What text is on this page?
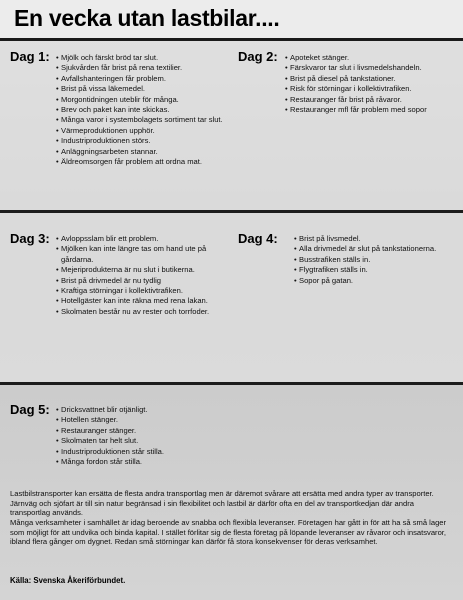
En vecka utan lastbilar....
Dag 1: • Mjölk och färskt bröd tar slut.
• Sjukvården får brist på rena textilier.
• Avfallshanteringen får problem.
• Brist på vissa läkemedel.
• Morgontidningen uteblir för många.
• Brev och paket kan inte skickas.
• Många varor i systembolagets sortiment tar slut.
• Värmeproduktionen upphör.
• Industriproduktionen störs.
• Anläggningsarbeten stannar.
• Äldreomsorgen får problem att ordna mat.
Dag 2: • Apoteket stänger.
• Färskvaror tar slut i livsmedelshandeln.
• Brist på diesel på tankstationer.
• Risk för störningar i kollektivtrafiken.
• Restauranger får brist på råvaror.
• Restauranger mfl får problem med sopor
Dag 3: • Avloppsslam blir ett problem.
• Mjölken kan inte längre tas om hand ute på gårdarna.
• Mejeriprodukterna är nu slut i butikerna.
• Brist på drivmedel är nu tydlig
• Kraftiga störningar i kollektivtrafiken.
• Hotellgäster kan inte räkna med rena lakan.
• Skolmaten består nu av rester och torrfoder.
Dag 4: • Brist på livsmedel.
• Alla drivmedel är slut på tankstationerna.
• Busstrafiken ställs in.
• Flygtrafiken ställs in.
• Sopor på gatan.
Dag 5: • Dricksvattnet blir otjänligt.
• Hotellen stänger.
• Restauranger stänger.
• Skolmaten tar helt slut.
• Industriproduktionen står stilla.
• Många fordon står stilla.

Lastbilstransporter kan ersätta de flesta andra transportlag men är däremot svårare att ersätta med andra typer av transporter. Järnväg och sjöfart är till sin natur begränsad i sin flexibilitet och lastbil är därför ofta en del av transportkedjan där andra transportlag används.

Många verksamheter i samhället är idag beroende av snabba och flexibla leveranser. Företagen har gått in för att ha så små lager som möjligt för att undvika och binda kapital. I stället förlitar sig de flesta företag på löpande leveranser av råvaror och insatsvaror, ibland flera gånger om dygnet. Redan små störningar kan därför få stora konsekvenser för deras verksamhet.

Källa: Svenska Åkeriförbundet.
